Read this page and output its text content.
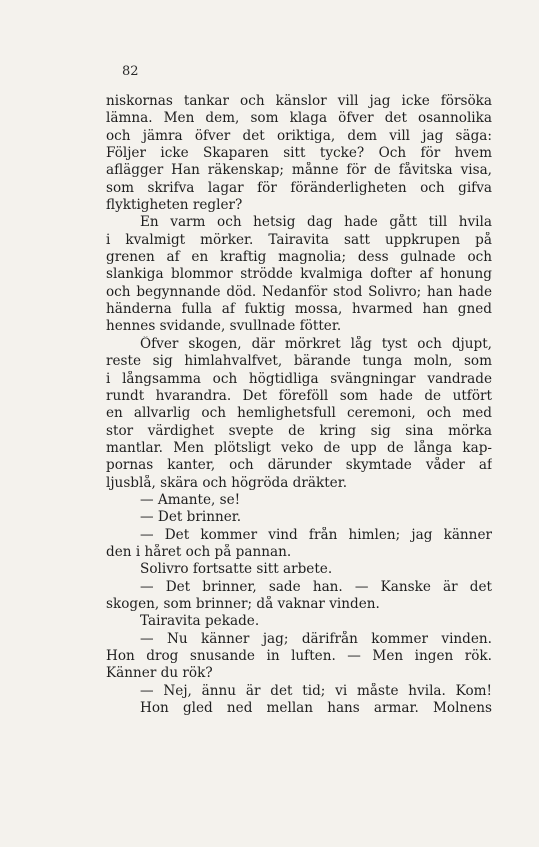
82

niskornas tankar och känslor vill jag icke försöka

lämna. Men dem, som klaga öfver det osannolika

och jämra öfver det oriktiga, dem vill jag säga:

Följer icke Skaparen sitt tycke? Och för hvem

aflägger Han räkenskap; månne för de fåvitska visa,

som skrifva lagar för föränderligheten och gifva

flyktigheten regler?

En varm och hetsig dag hade gått till hvila

i kvalmigt mörker. Tairavita satt uppkrupen på

grenen af en kraftig magnolia; dess gulnade och

slankiga blommor strödde kvalmiga dofter af honung

och begynnande död. Nedanför stod Solivro; han hade

händerna fulla af fuktig mossa, hvarmed han gned

hennes svidande, svullnade fötter.

Öfver skogen, där mörkret låg tyst och djupt,

reste sig himlahvalfvet, bärande tunga moln, som

i långsamma och högtidliga svängningar vandrade

rundt hvarandra. Det föreföll som hade de utfört

en allvarlig och hemlighetsfull ceremoni, och med

stor värdighet svepte de kring sig sina mörka

mantlar. Men plötsligt veko de upp de långa kap-

pornas kanter, och därunder skymtade våder af

ljusblå, skära och högröda dräkter.

— Amante, se!

— Det brinner.

— Det kommer vind från himlen; jag känner

den i håret och på pannan.

Solivro fortsatte sitt arbete.

— Det brinner, sade han. — Kanske är det

skogen, som brinner; då vaknar vinden.

Tairavita pekade.

— Nu känner jag; därifrån kommer vinden.

Hon drog snusande in luften. — Men ingen rök.

Känner du rök?

— Nej, ännu är det tid; vi måste hvila. Kom!

Hon gled ned mellan hans armar. Molnens
